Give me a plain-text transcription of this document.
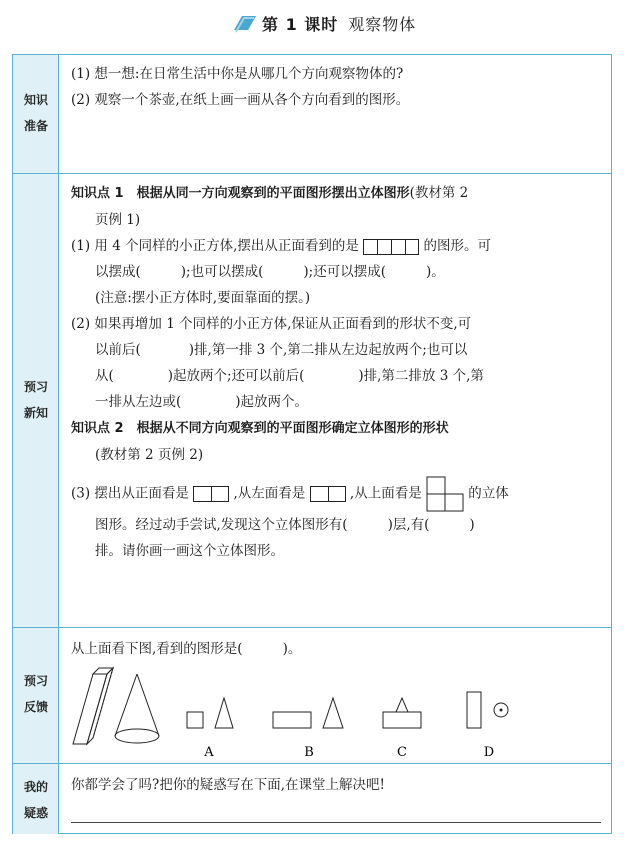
第 1 课时 观察物体
知识
准备
(1) 想一想:在日常生活中你是从哪几个方向观察物体的?
(2) 观察一个茶壶,在纸上画一画从各个方向看到的图形。
预习
新知
知识点 1　根据从同一方向观察到的平面图形摆出立体图形(教材第 2
页例 1)
(1) 用 4 个同样的小正方体,摆出从正面看到的是	的图形。可
以摆成(	);也可以摆成(	);还可以摆成(	)。
(注意:摆小正方体时,要面靠面的摆。)
(2) 如果再增加 1 个同样的小正方体,保证从正面看到的形状不变,可
以前后(	)排,第一排 3 个,第二排从左边起放两个;也可以
从(	)起放两个;还可以前后(	)排,第二排放 3 个,第
一排从左边或(	)起放两个。
知识点 2　根据从不同方向观察到的平面图形确定立体图形的形状
(教材第 2 页例 2)
(3) 摆出从正面看是	,从左面看是	,从上面看是	的立体
图形。经过动手尝试,发现这个立体图形有(	)层,有(	)
排。请你画一画这个立体图形。
预习
反馈
从上面看下图,看到的图形是(	)。
A	B	C	D
我的
疑惑
你都学会了吗?把你的疑惑写在下面,在课堂上解决吧!
